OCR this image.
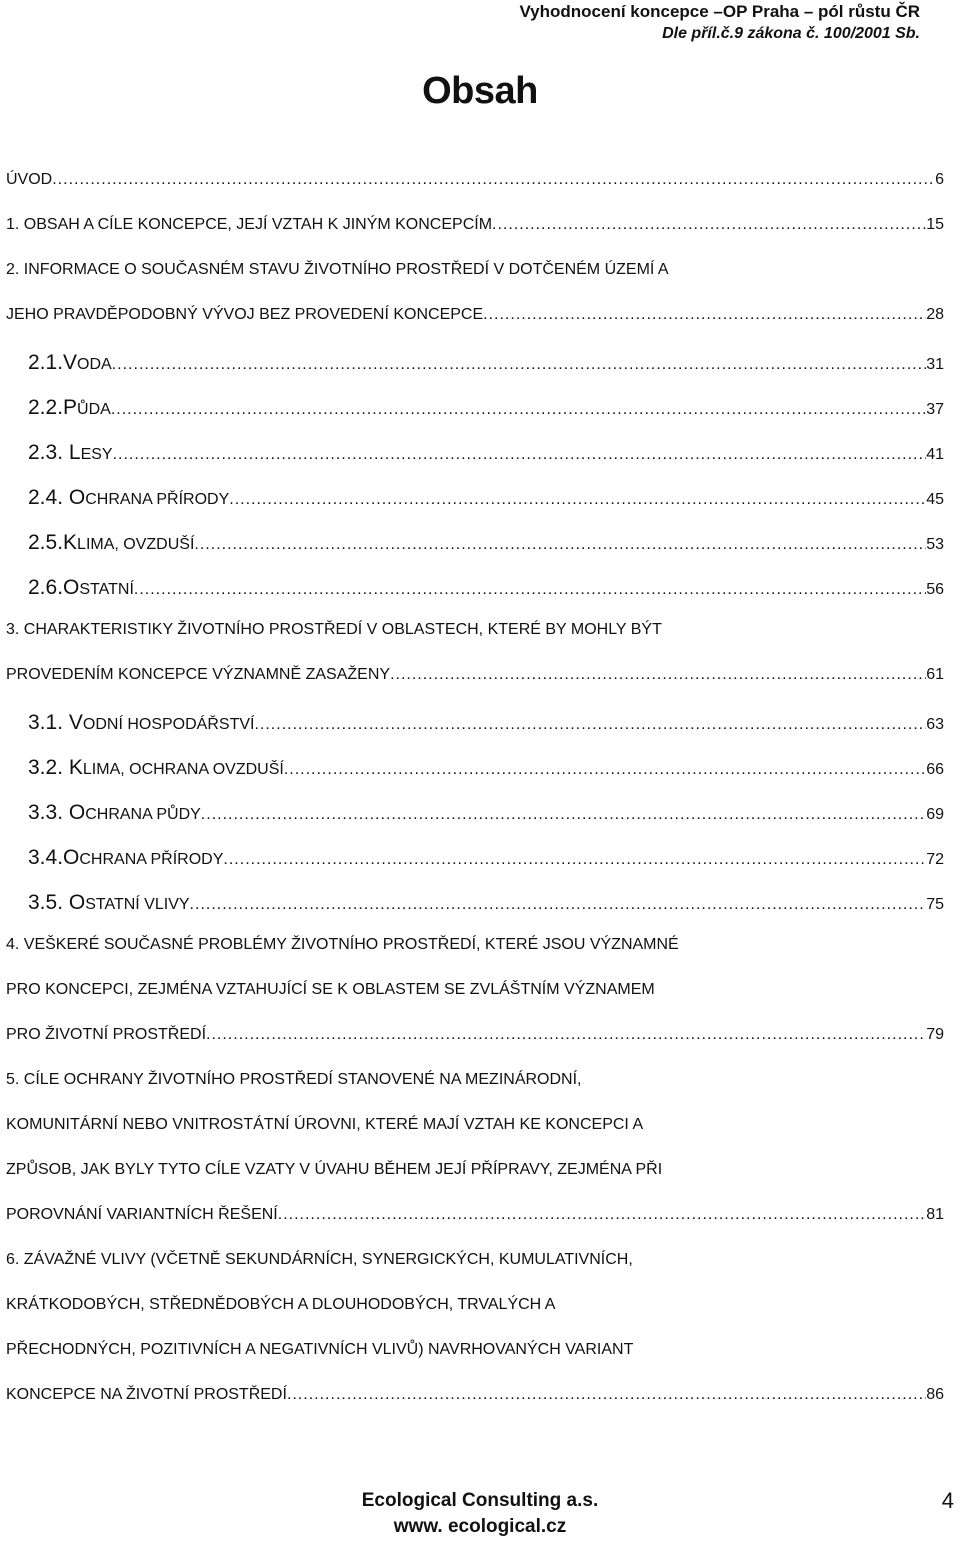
Vyhodnocení koncepce –OP Praha – pól růstu ČR
Dle příl.č.9 zákona č. 100/2001 Sb.
Obsah
ÚVOD .....	6
1. OBSAH A CÍLE KONCEPCE, JEJÍ VZTAH K JINÝM KONCEPCÍM .....	15
2. INFORMACE O SOUČASNÉM STAVU ŽIVOTNÍHO PROSTŘEDÍ V DOTČENÉM ÚZEMÍ A
JEHO PRAVDĚPODOBNÝ VÝVOJ BEZ PROVEDENÍ KONCEPCE .....	28
2.1.VODA .....	31
2.2.PŮDA .....	37
2.3. LESY .....	41
2.4. OCHRANA PŘÍRODY .....	45
2.5.KLIMA, OVZDUŠÍ .....	53
2.6.OSTATNÍ .....	56
3. CHARAKTERISTIKY ŽIVOTNÍHO PROSTŘEDÍ V OBLASTECH, KTERÉ BY MOHLY BÝT
PROVEDENÍM KONCEPCE VÝZNAMNĚ ZASAŽENY .....	61
3.1. VODNÍ HOSPODÁŘSTVÍ .....	63
3.2. KLIMA, OCHRANA OVZDUŠÍ .....	66
3.3. OCHRANA PŮDY .....	69
3.4.OCHRANA PŘÍRODY .....	72
3.5. OSTATNÍ VLIVY .....	75
4. VEŠKERÉ SOUČASNÉ PROBLÉMY ŽIVOTNÍHO PROSTŘEDÍ, KTERÉ JSOU VÝZNAMNÉ
PRO KONCEPCI, ZEJMÉNA VZTAHUJÍCÍ SE K OBLASTEM SE ZVLÁŠTNÍM VÝZNAMEM
PRO ŽIVOTNÍ PROSTŘEDÍ .....	79
5. CÍLE OCHRANY ŽIVOTNÍHO PROSTŘEDÍ STANOVENÉ NA MEZINÁRODNÍ,
KOMUNITÁRNÍ NEBO VNITROSTÁTNÍ ÚROVNI, KTERÉ MAJÍ VZTAH KE KONCEPCI A
ZPŮSOB, JAK BYLY TYTO CÍLE VZATY V ÚVAHU BĚHEM JEJÍ PŘÍPRAVY, ZEJMÉNA PŘI
POROVNÁNÍ VARIANTNÍCH ŘEŠENÍ .....	81
6. ZÁVAŽNÉ VLIVY (VČETNĚ SEKUNDÁRNÍCH, SYNERGICKÝCH, KUMULATIVNÍCH,
KRÁTKODOBÝCH, STŘEDNĚDOBÝCH A DLOUHODOBÝCH, TRVALÝCH A
PŘECHODNÝCH, POZITIVNÍCH A NEGATIVNÍCH VLIVŮ) NAVRHOVANÝCH VARIANT
KONCEPCE NA ŽIVOTNÍ PROSTŘEDÍ .....	86
Ecological Consulting a.s.
www. ecological.cz
4
